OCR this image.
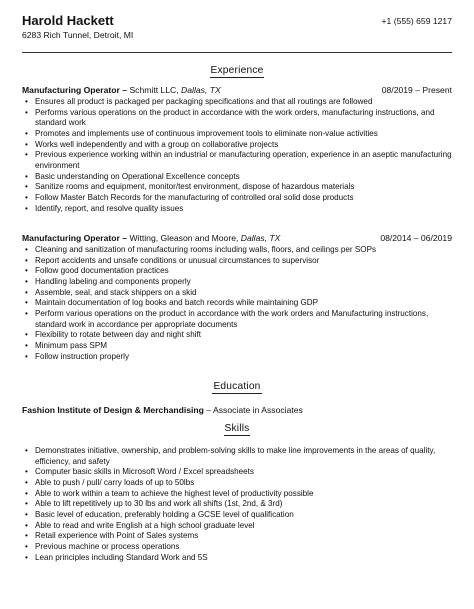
Harold Hackett	+1 (555) 659 1217
6283 Rich Tunnel, Detroit, MI
Experience
Manufacturing Operator – Schmitt LLC, Dallas, TX	08/2019 – Present
• Ensures all product is packaged per packaging specifications and that all routings are followed
• Performs various operations on the product in accordance with the work orders, manufacturing instructions, and standard work
• Promotes and implements use of continuous improvement tools to eliminate non-value activities
• Works well independently and with a group on collaborative projects
• Previous experience working within an industrial or manufacturing operation, experience in an aseptic manufacturing environment
• Basic understanding on Operational Excellence concepts
• Sanitize rooms and equipment, monitor/test environment, dispose of hazardous materials
• Follow Master Batch Records for the manufacturing of controlled oral solid dose products
• Identify, report, and resolve quality issues
Manufacturing Operator – Witting, Gleason and Moore, Dallas, TX	08/2014 – 06/2019
• Cleaning and sanitization of manufacturing rooms including walls, floors, and ceilings per SOPs
• Report accidents and unsafe conditions or unusual circumstances to supervisor
• Follow good documentation practices
• Handling labeling and components properly
• Assemble, seal, and stack shippers on a skid
• Maintain documentation of log books and batch records while maintaining GDP
• Perform various operations on the product in accordance with the work orders and Manufacturing instructions, standard work in accordance per appropriate documents
• Flexibility to rotate between day and night shift
• Minimum pass SPM
• Follow instruction properly
Education
Fashion Institute of Design & Merchandising – Associate in Associates
Skills
• Demonstrates initiative, ownership, and problem-solving skills to make line improvements in the areas of quality, efficiency, and safety
• Computer basic skills in Microsoft Word / Excel spreadsheets
• Able to push / pull/ carry loads of up to 50lbs
• Able to work within a team to achieve the highest level of productivity possible
• Able to lift repetitively up to 30 lbs and work all shifts (1st, 2nd, & 3rd)
• Basic level of education, preferably holding a GCSE level of qualification
• Able to read and write English at a high school graduate level
• Retail experience with Point of Sales systems
• Previous machine or process operations
• Lean principles including Standard Work and 5S
